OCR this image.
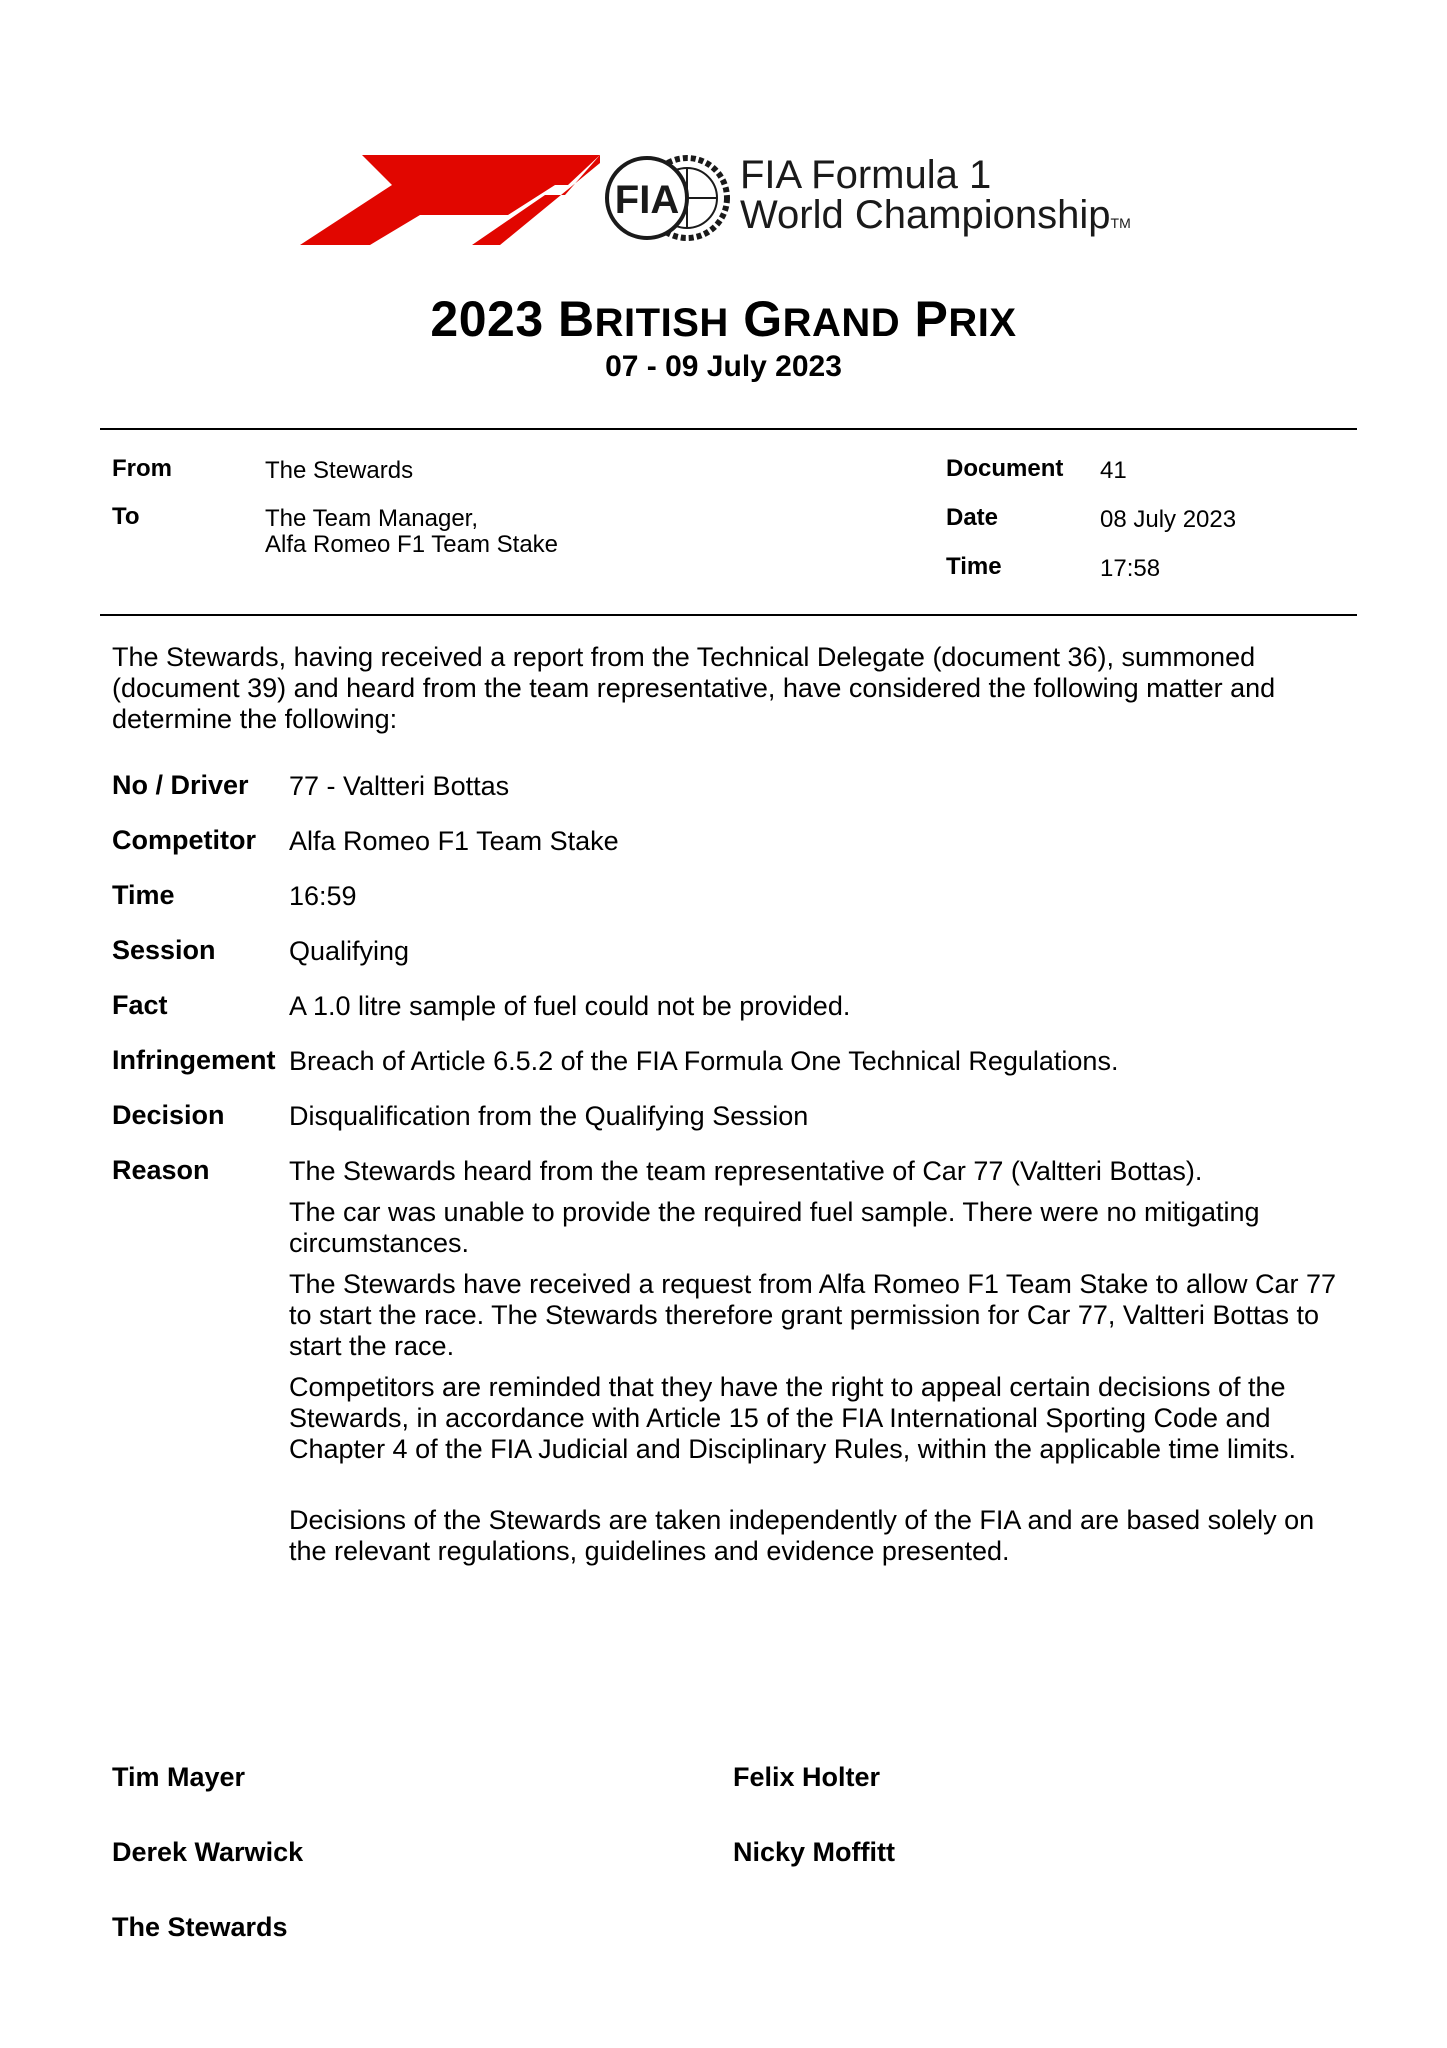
FIA
FIA Formula 1
World ChampionshipTM
2023 BRITISH GRAND PRIX
07 - 09 July 2023
From	The Stewards
To	The Team Manager,
Alfa Romeo F1 Team Stake
Document 41
Date	08 July 2023
Time	17:58
The Stewards, having received a report from the Technical Delegate (document 36), summoned (document 39) and heard from the team representative, have considered the following matter and determine the following:
No / Driver 77 - Valtteri Bottas
Competitor Alfa Romeo F1 Team Stake
Time	16:59
Session	Qualifying
Fact	A 1.0 litre sample of fuel could not be provided.
Infringement Breach of Article 6.5.2 of the FIA Formula One Technical Regulations.
Decision Disqualification from the Qualifying Session
Reason	The Stewards heard from the team representative of Car 77 (Valtteri Bottas).

The car was unable to provide the required fuel sample. There were no mitigating circumstances.

The Stewards have received a request from Alfa Romeo F1 Team Stake to allow Car 77 to start the race. The Stewards therefore grant permission for Car 77, Valtteri Bottas to start the race.

Competitors are reminded that they have the right to appeal certain decisions of the Stewards, in accordance with Article 15 of the FIA International Sporting Code and Chapter 4 of the FIA Judicial and Disciplinary Rules, within the applicable time limits.

Decisions of the Stewards are taken independently of the FIA and are based solely on the relevant regulations, guidelines and evidence presented.

Tim Mayer	Felix Holter
Derek Warwick	Nicky Moffitt
The Stewards
